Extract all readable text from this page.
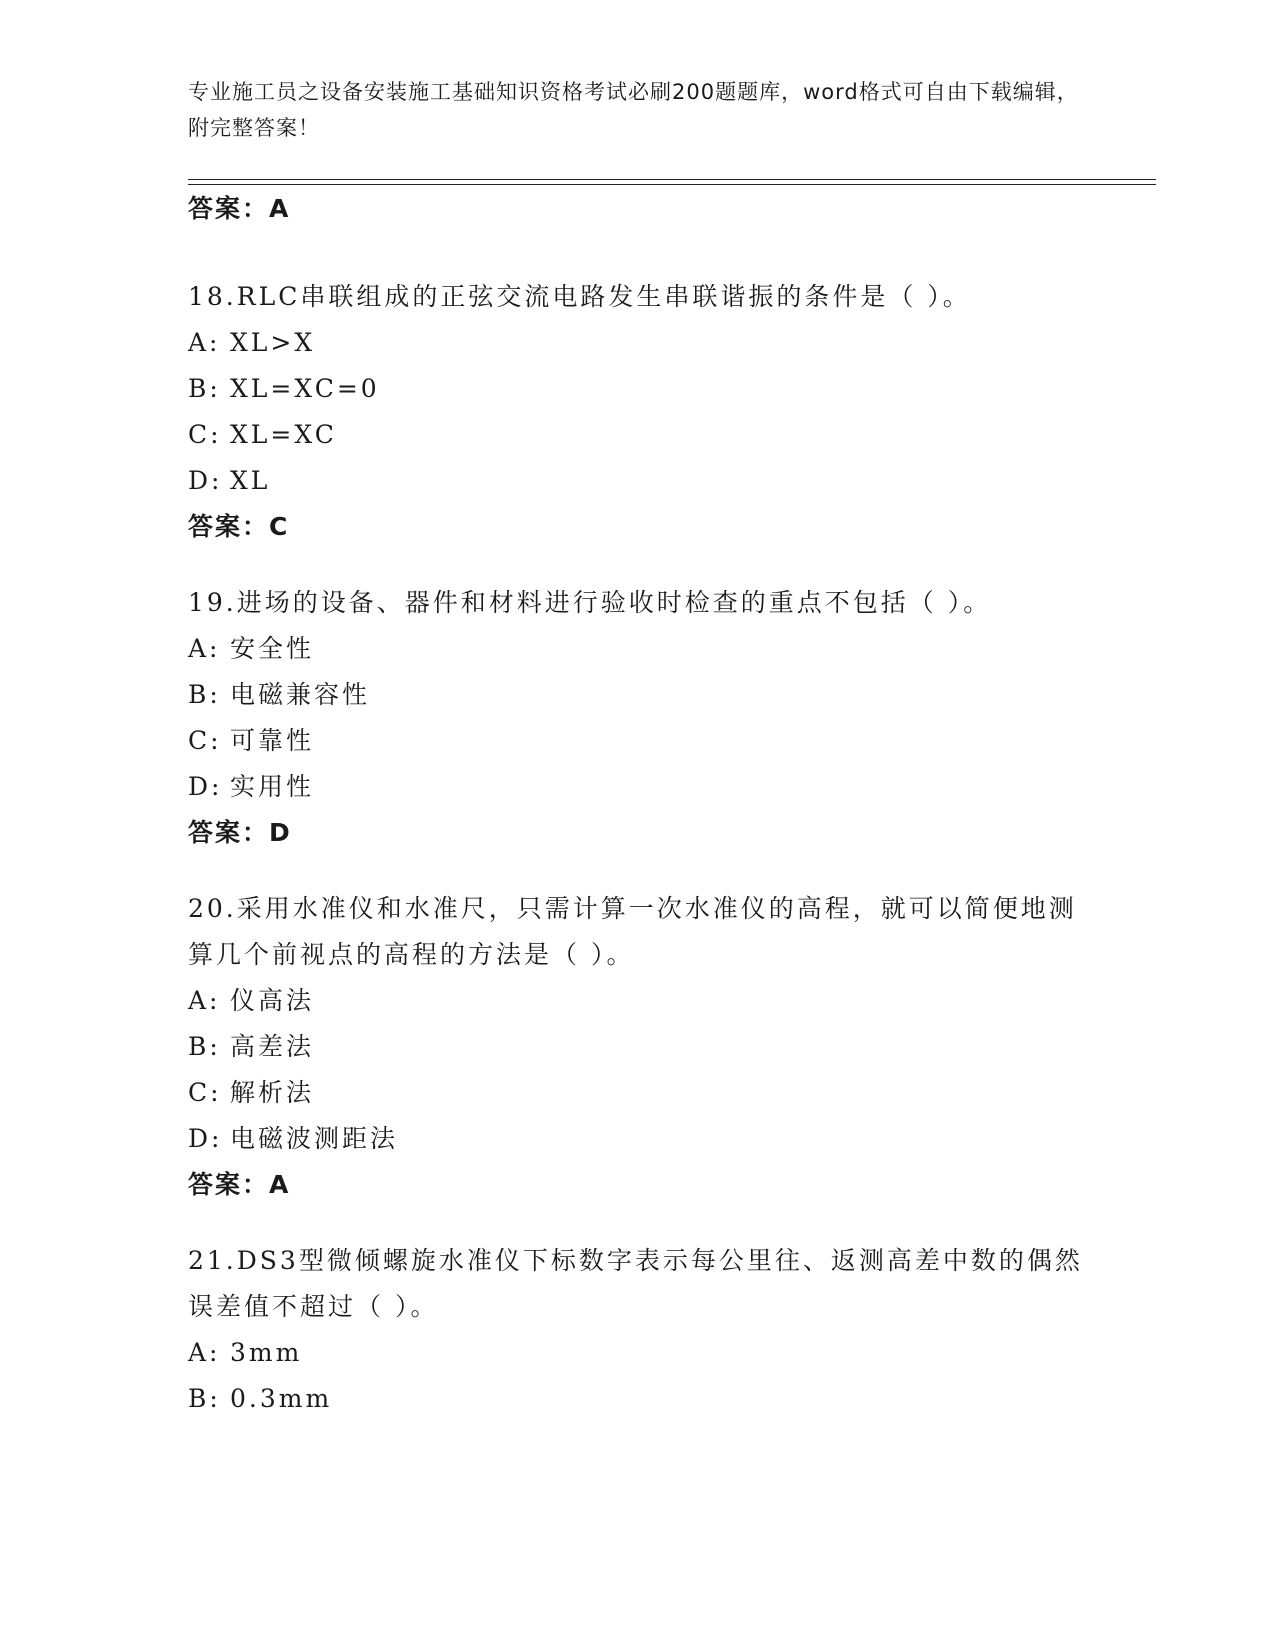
专业施工员之设备安装施工基础知识资格考试必刷200题题库，word格式可自由下载编辑，附完整答案！
答案：A
18.RLC串联组成的正弦交流电路发生串联谐振的条件是（ ）。
A: XL>X
B: XL=XC=0
C: XL=XC
D: XL
答案：C
19.进场的设备、器件和材料进行验收时检查的重点不包括（ ）。
A: 安全性
B: 电磁兼容性
C: 可靠性
D: 实用性
答案：D
20.采用水准仪和水准尺，只需计算一次水准仪的高程，就可以简便地测算几个前视点的高程的方法是（ ）。
A: 仪高法
B: 高差法
C: 解析法
D: 电磁波测距法
答案：A
21.DS3型微倾螺旋水准仪下标数字表示每公里往、返测高差中数的偶然误差值不超过（ ）。
A: 3mm
B: 0.3mm
